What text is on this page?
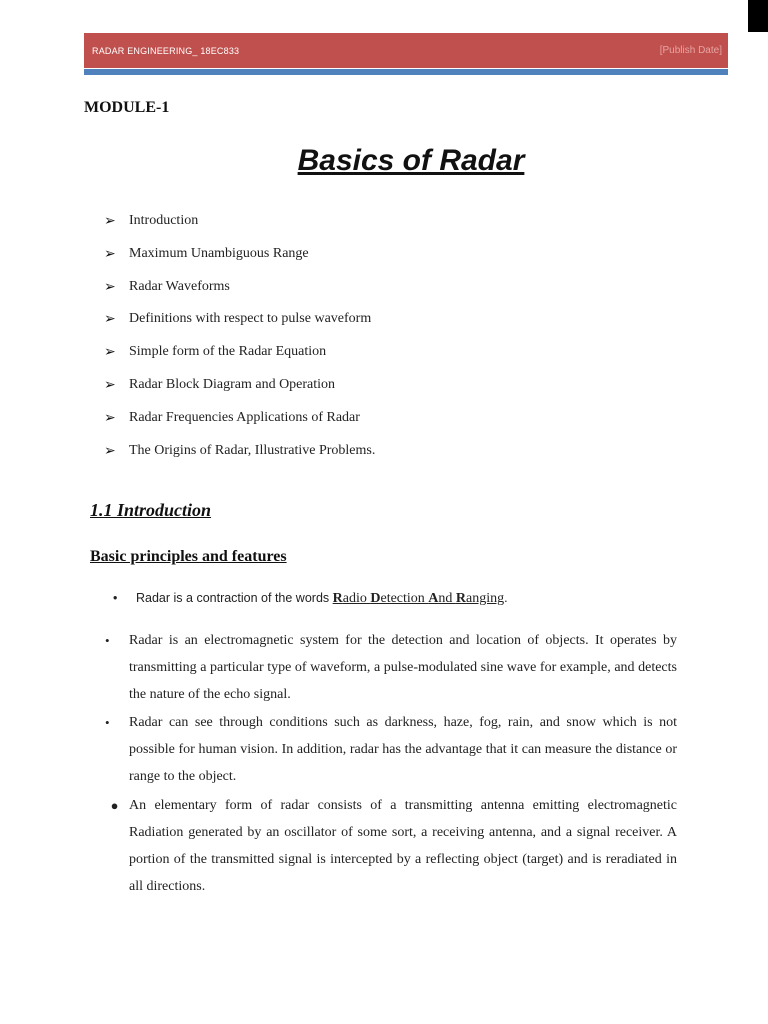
RADAR ENGINEERING_ 18EC833	[Publish Date]
MODULE-1
Basics of Radar
➢ Introduction
➢ Maximum Unambiguous Range
➢ Radar Waveforms
➢ Definitions with respect to pulse waveform
➢ Simple form of the Radar Equation
➢ Radar Block Diagram and Operation
➢ Radar Frequencies Applications of Radar
➢ The Origins of Radar, Illustrative Problems.
1.1 Introduction
Basic principles and features
•	Radar is a contraction of the words Radio Detection And Ranging.
•	Radar is an electromagnetic system for the detection and location of objects. It operates by transmitting a particular type of waveform, a pulse-modulated sine wave for example, and detects the nature of the echo signal.
•	Radar can see through conditions such as darkness, haze, fog, rain, and snow which is not possible for human vision. In addition, radar has the advantage that it can measure the distance or range to the object.
● An elementary form of radar consists of a transmitting antenna emitting electromagnetic Radiation generated by an oscillator of some sort, a receiving antenna, and a signal receiver. A portion of the transmitted signal is intercepted by a reflecting object (target) and is reradiated in all directions.
